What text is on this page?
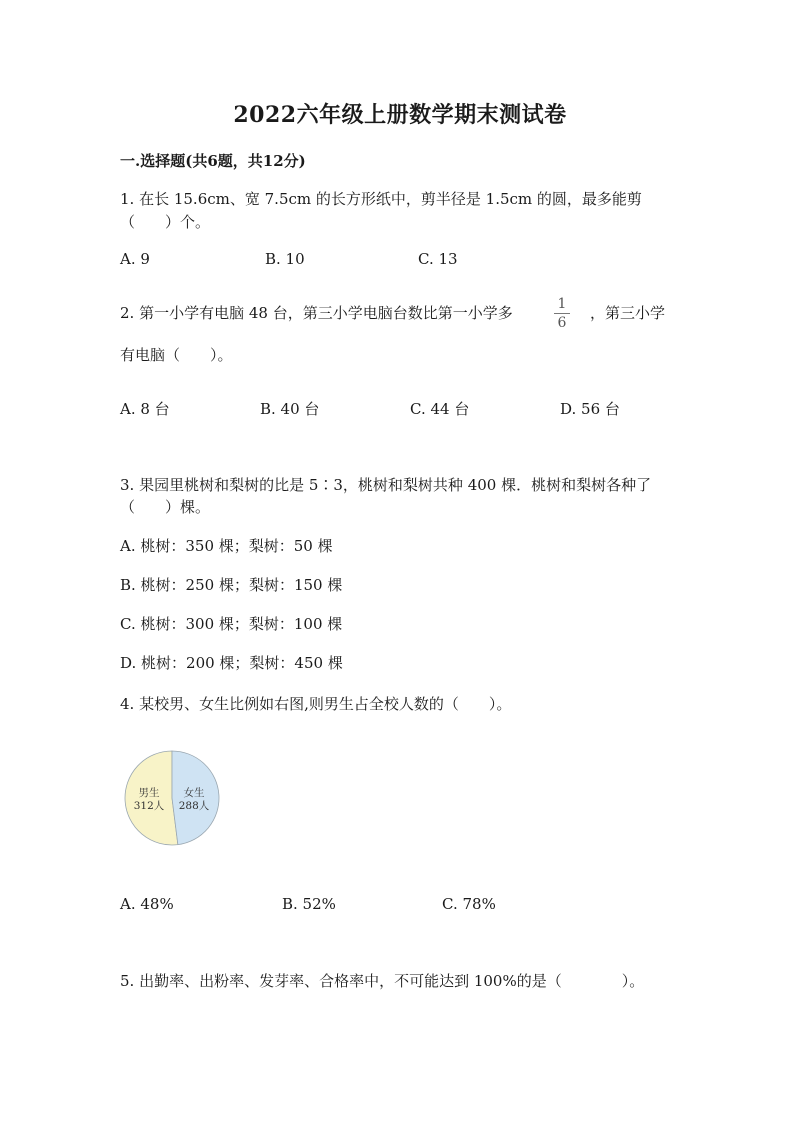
2022六年级上册数学期末测试卷
一.选择题(共6题，共12分)
1. 在长 15.6cm、宽 7.5cm 的长方形纸中，剪半径是 1.5cm 的圆，最多能剪
（　　）个。
A. 9	B. 10	C. 13
2. 第一小学有电脑 48 台，第三小学电脑台数比第一小学多	1
6
，第三小学
有电脑（　　）。
A. 8 台	B. 40 台	C. 44 台	D. 56 台
3. 果园里桃树和梨树的比是 5∶3，桃树和梨树共种 400 棵．桃树和梨树各种了
（　　）棵。
A. 桃树：350 棵；梨树：50 棵
B. 桃树：250 棵；梨树：150 棵
C. 桃树：300 棵；梨树：100 棵
D. 桃树：200 棵；梨树：450 棵
4. 某校男、女生比例如右图,则男生占全校人数的（　　）。
男生
312人
女生
288人
A. 48%	B. 52%	C. 78%
5. 出勤率、出粉率、发芽率、合格率中，不可能达到 100%的是（　　　　）。
